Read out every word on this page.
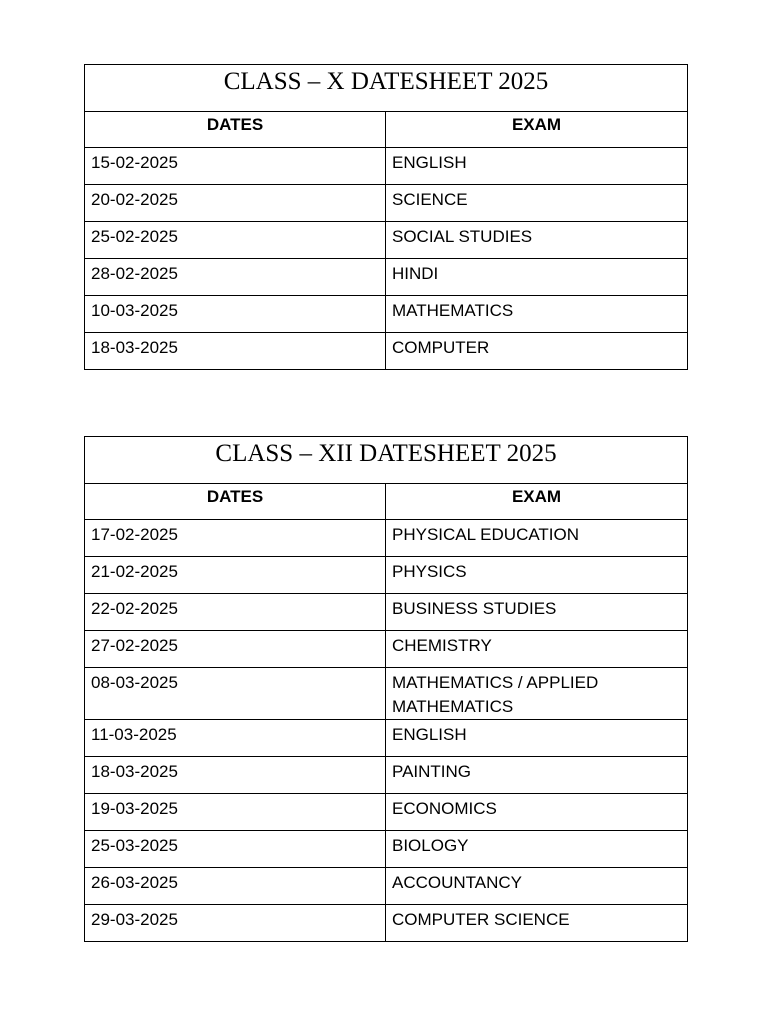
CLASS – X DATESHEET 2025	
DATES	EXAM
15-02-2025	ENGLISH
20-02-2025	SCIENCE
25-02-2025	SOCIAL STUDIES
28-02-2025	HINDI
10-03-2025	MATHEMATICS
18-03-2025	COMPUTER
CLASS – XII DATESHEET 2025	
DATES	EXAM
17-02-2025	PHYSICAL EDUCATION
21-02-2025	PHYSICS
22-02-2025	BUSINESS STUDIES
27-02-2025	CHEMISTRY
08-03-2025	MATHEMATICS / APPLIED MATHEMATICS
11-03-2025	ENGLISH
18-03-2025	PAINTING
19-03-2025	ECONOMICS
25-03-2025	BIOLOGY
26-03-2025	ACCOUNTANCY
29-03-2025	COMPUTER SCIENCE
